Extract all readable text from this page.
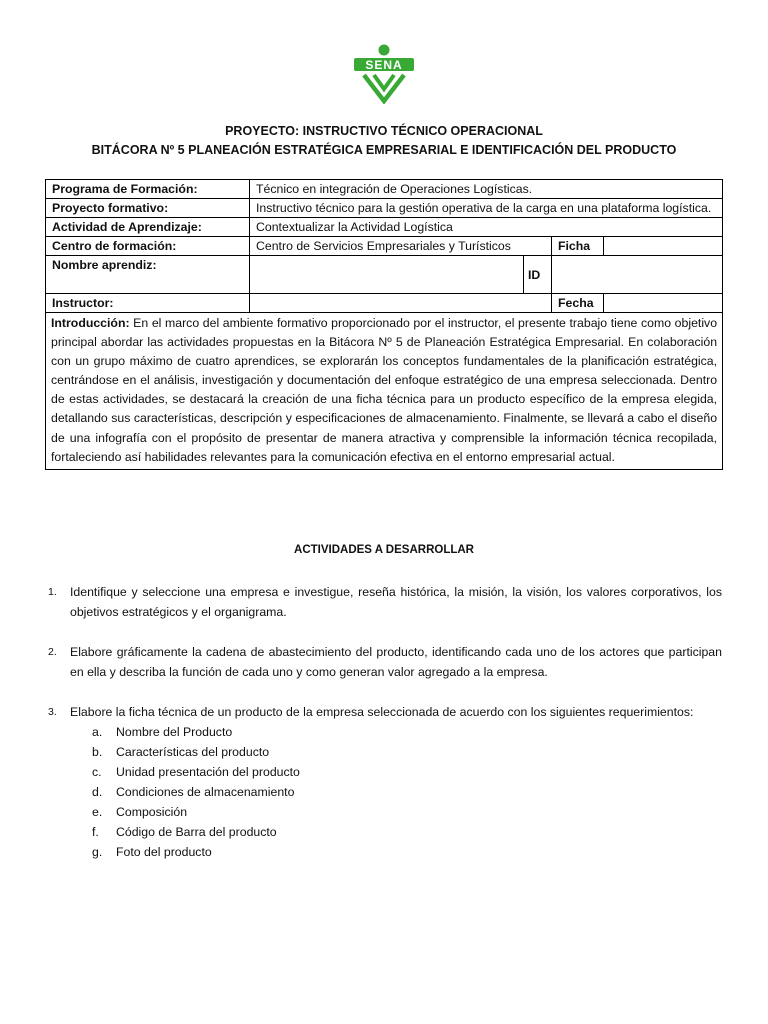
SENA
PROYECTO: INSTRUCTIVO TÉCNICO OPERACIONAL
BITÁCORA Nº 5 PLANEACIÓN ESTRATÉGICA EMPRESARIAL E IDENTIFICACIÓN DEL PRODUCTO
Programa de Formación:	Técnico en integración de Operaciones Logísticas.			
Proyecto formativo:	Instructivo técnico para la gestión operativa de la carga en una plataforma logística.			
Actividad de Aprendizaje:	Contextualizar la Actividad Logística			
Centro de formación:	Centro de Servicios Empresariales y Turísticos		Ficha	
Nombre aprendiz:		ID		
Instructor:			Fecha	
Introducción: En el marco del ambiente formativo proporcionado por el instructor, el presente trabajo tiene como objetivo principal abordar las actividades propuestas en la Bitácora Nº 5 de Planeación Estratégica Empresarial. En colaboración con un grupo máximo de cuatro aprendices, se explorarán los conceptos fundamentales de la planificación estratégica, centrándose en el análisis, investigación y documentación del enfoque estratégico de una empresa seleccionada. Dentro de estas actividades, se destacará la creación de una ficha técnica para un producto específico de la empresa elegida, detallando sus características, descripción y especificaciones de almacenamiento. Finalmente, se llevará a cabo el diseño de una infografía con el propósito de presentar de manera atractiva y comprensible la información técnica recopilada, fortaleciendo así habilidades relevantes para la comunicación efectiva en el entorno empresarial actual.				
ACTIVIDADES A DESARROLLAR
1. Identifique y seleccione una empresa e investigue, reseña histórica, la misión, la visión, los valores corporativos, los objetivos estratégicos y el organigrama.
2. Elabore gráficamente la cadena de abastecimiento del producto, identificando cada uno de los actores que participan en ella y describa la función de cada uno y como generan valor agregado a la empresa.
3. Elabore la ficha técnica de un producto de la empresa seleccionada de acuerdo con los siguientes requerimientos:
a. Nombre del Producto
b. Características del producto
c. Unidad presentación del producto
d. Condiciones de almacenamiento
e. Composición
f. Código de Barra del producto
g. Foto del producto
